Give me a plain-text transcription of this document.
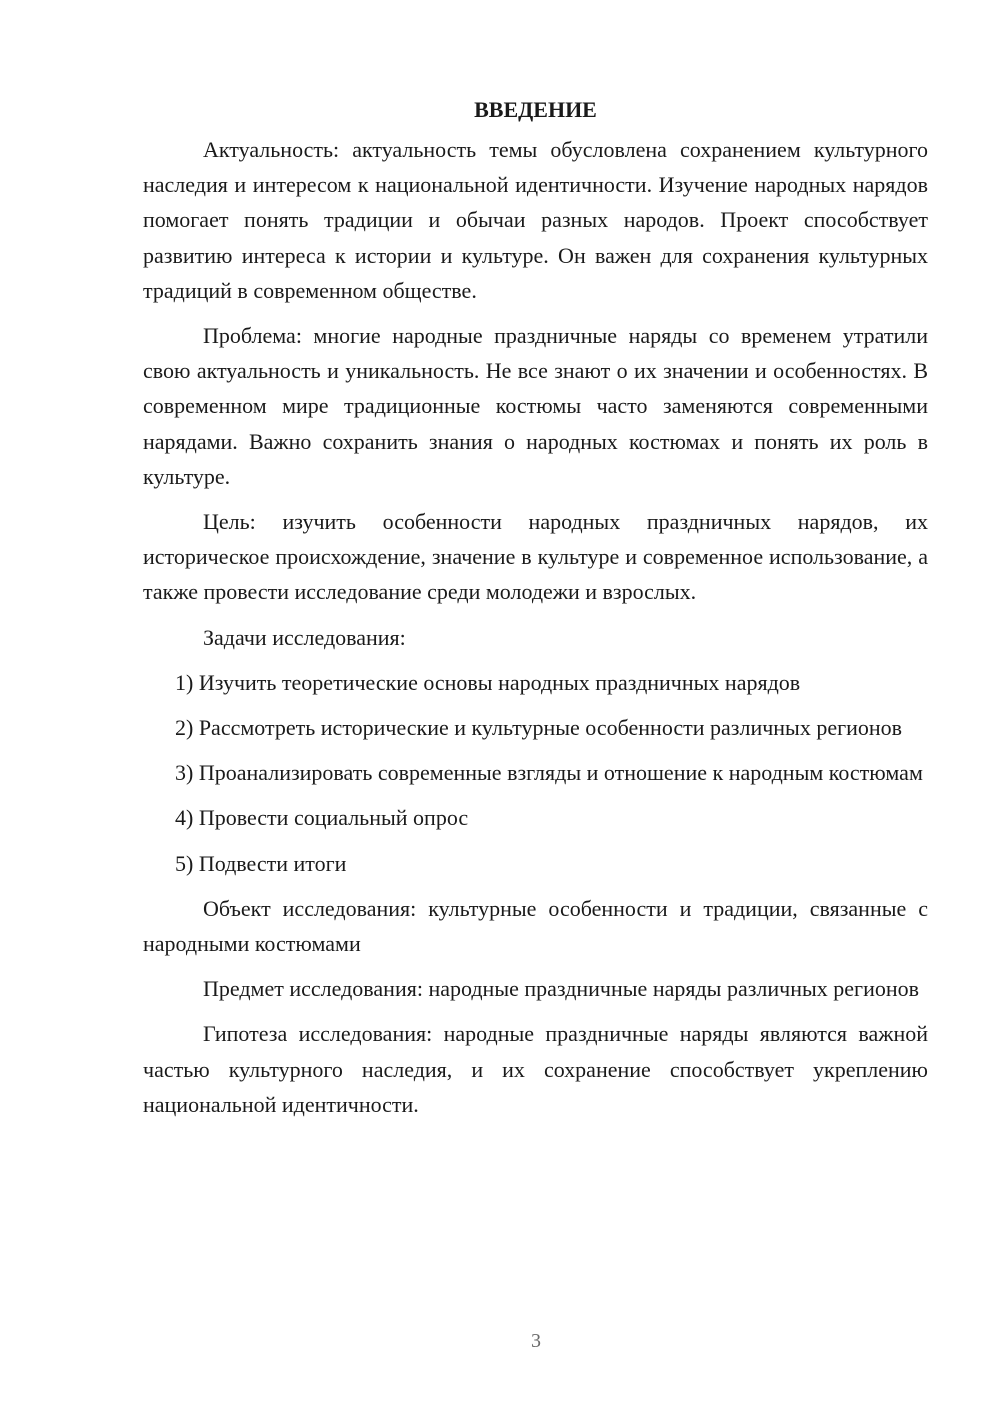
ВВЕДЕНИЕ

Актуальность: актуальность темы обусловлена сохранением культурного наследия и интересом к национальной идентичности. Изучение народных нарядов помогает понять традиции и обычаи разных народов. Проект способствует развитию интереса к истории и культуре. Он важен для сохранения культурных традиций в современном обществе.

Проблема: многие народные праздничные наряды со временем утратили свою актуальность и уникальность. Не все знают о их значении и особенностях. В современном мире традиционные костюмы часто заменяются современными нарядами. Важно сохранить знания о народных костюмах и понять их роль в культуре.

Цель: изучить особенности народных праздничных нарядов, их историческое происхождение, значение в культуре и современное использование, а также провести исследование среди молодежи и взрослых.

Задачи исследования:

1) Изучить теоретические основы народных праздничных нарядов

2) Рассмотреть исторические и культурные особенности различных регионов

3) Проанализировать современные взгляды и отношение к народным костюмам

4) Провести социальный опрос

5) Подвести итоги

Объект исследования: культурные особенности и традиции, связанные с народными костюмами

Предмет исследования: народные праздничные наряды различных регионов

Гипотеза исследования: народные праздничные наряды являются важной частью культурного наследия, и их сохранение способствует укреплению национальной идентичности.

3
